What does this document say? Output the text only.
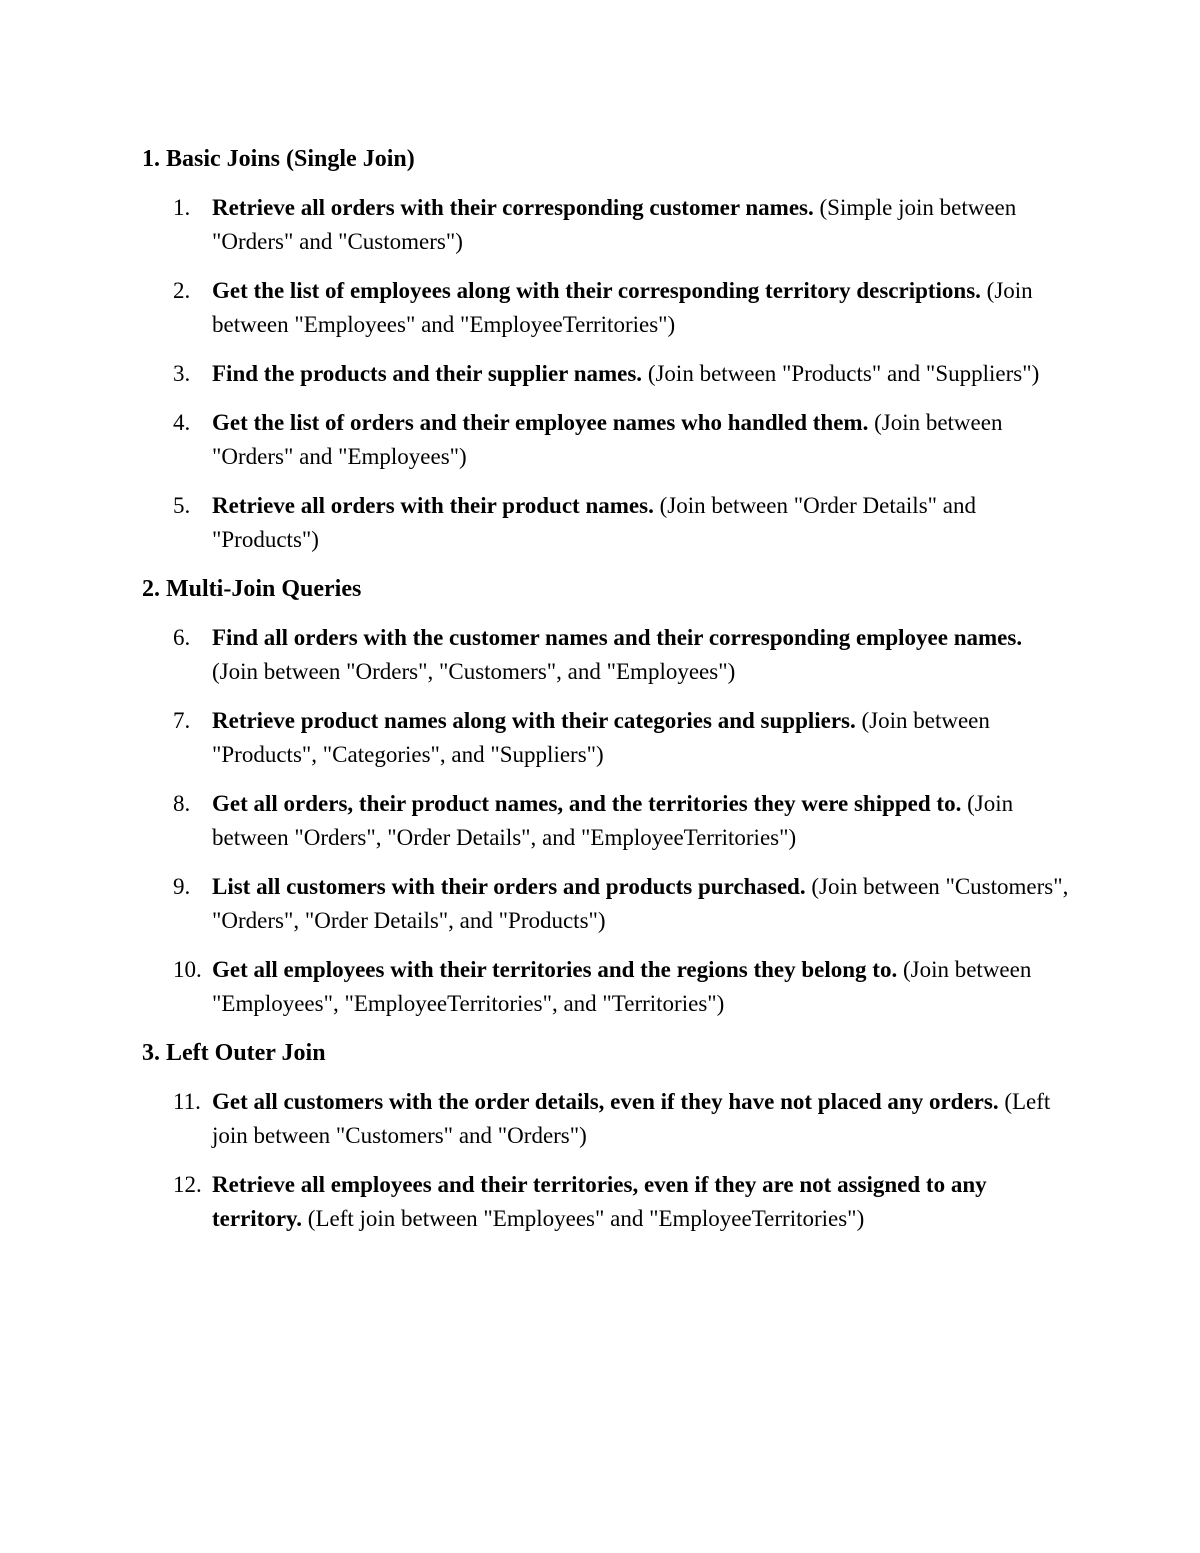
1. Basic Joins (Single Join)
1. Retrieve all orders with their corresponding customer names. (Simple join between "Orders" and "Customers")
2. Get the list of employees along with their corresponding territory descriptions. (Join between "Employees" and "EmployeeTerritories")
3. Find the products and their supplier names. (Join between "Products" and "Suppliers")
4. Get the list of orders and their employee names who handled them. (Join between "Orders" and "Employees")
5. Retrieve all orders with their product names. (Join between "Order Details" and "Products")
2. Multi-Join Queries
6. Find all orders with the customer names and their corresponding employee names. (Join between "Orders", "Customers", and "Employees")
7. Retrieve product names along with their categories and suppliers. (Join between "Products", "Categories", and "Suppliers")
8. Get all orders, their product names, and the territories they were shipped to. (Join between "Orders", "Order Details", and "EmployeeTerritories")
9. List all customers with their orders and products purchased. (Join between "Customers", "Orders", "Order Details", and "Products")
10. Get all employees with their territories and the regions they belong to. (Join between "Employees", "EmployeeTerritories", and "Territories")
3. Left Outer Join
11. Get all customers with the order details, even if they have not placed any orders. (Left join between "Customers" and "Orders")
12. Retrieve all employees and their territories, even if they are not assigned to any territory. (Left join between "Employees" and "EmployeeTerritories")
